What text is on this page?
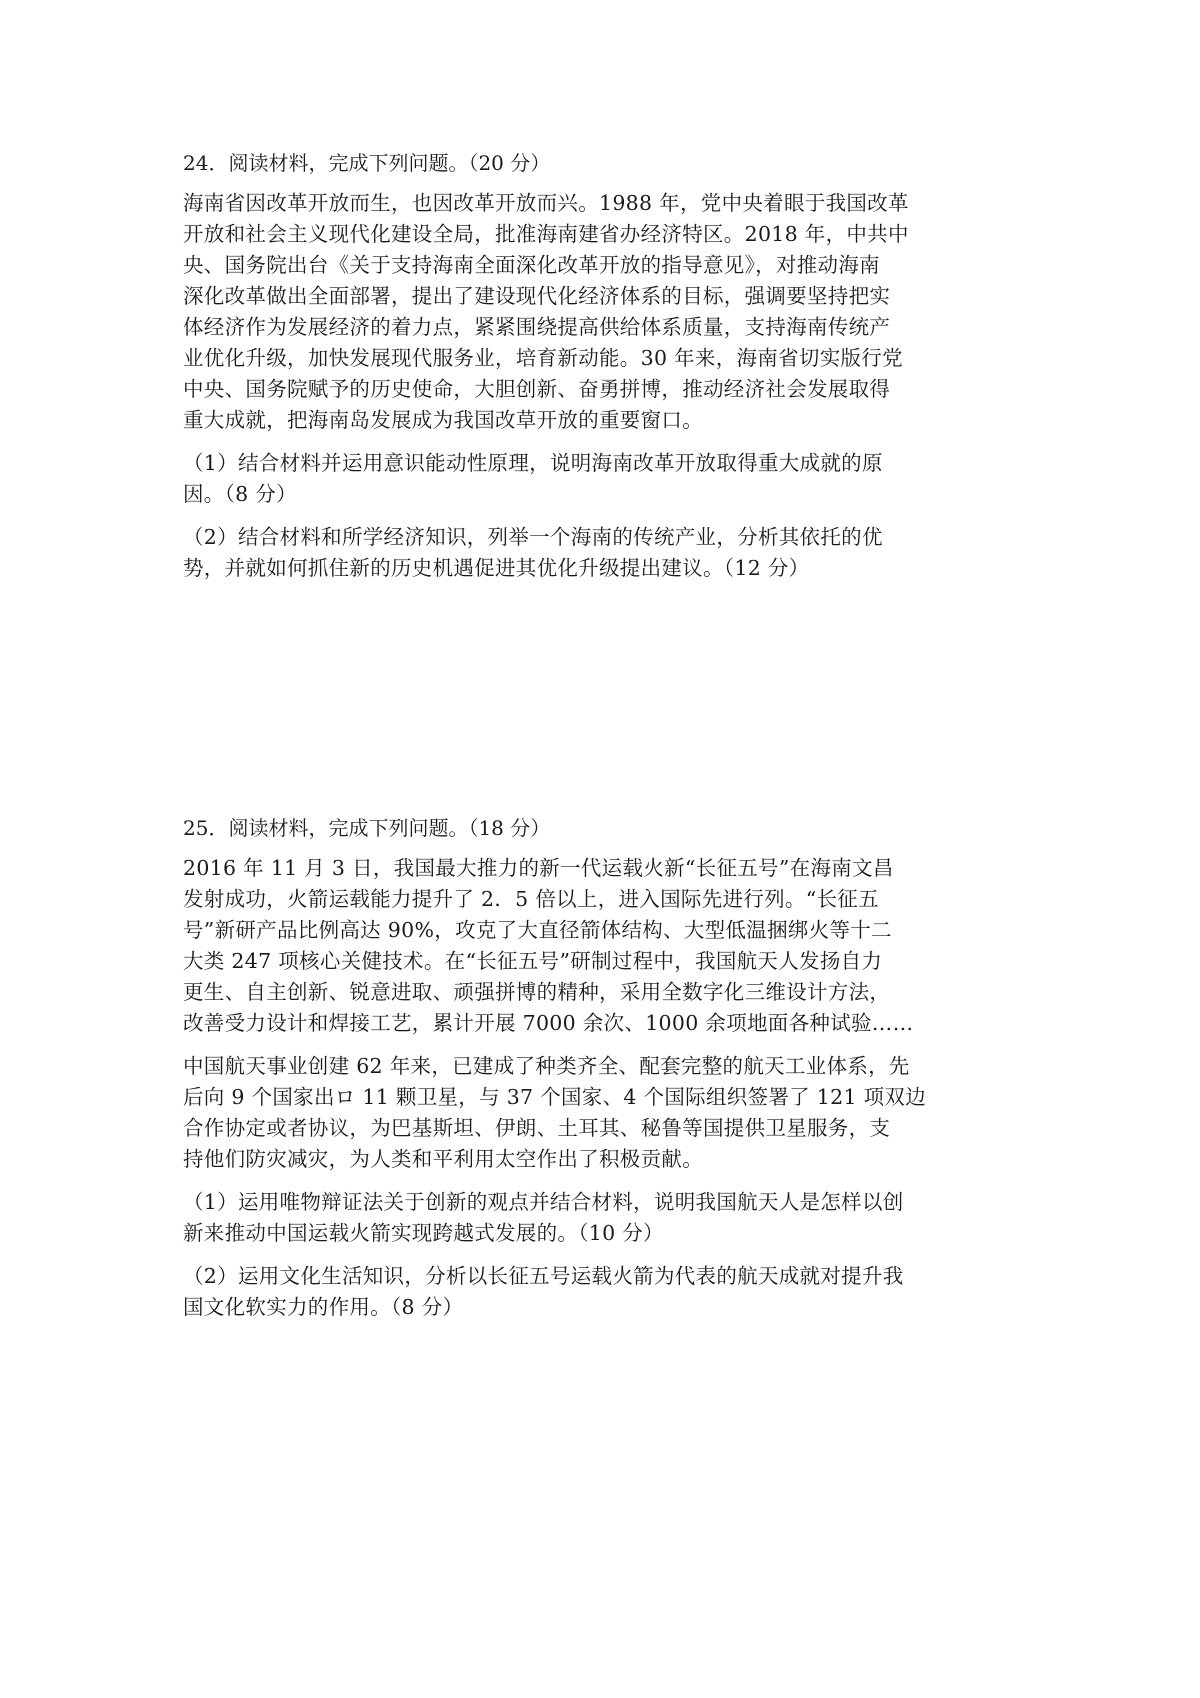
24．阅读材料，完成下列问题。（20 分）
海南省因改革开放而生，也因改革开放而兴。1988 年，党中央着眼于我国改革
开放和社会主义现代化建设全局，批准海南建省办经济特区。2018 年，中共中
央、国务院出台《关于支持海南全面深化改革开放的指导意见》，对推动海南
深化改革做出全面部署，提出了建设现代化经济体系的目标，强调要坚持把实
体经济作为发展经济的着力点，紧紧围绕提高供给体系质量，支持海南传统产
业优化升级，加快发展现代服务业，培育新动能。30 年来，海南省切实版行党
中央、国务院赋予的历史使命，大胆创新、奋勇拼博，推动经济社会发展取得
重大成就，把海南岛发展成为我国改草开放的重要窗口。
（1）结合材料并运用意识能动性原理，说明海南改革开放取得重大成就的原
因。（8 分）
（2）结合材料和所学经济知识，列举一个海南的传统产业，分析其依托的优
势，并就如何抓住新的历史机遇促进其优化升级提出建议。（12 分）
25．阅读材料，完成下列问题。（18 分）
2016 年 11 月 3 日，我国最大推力的新一代运载火新“长征五号”在海南文昌
发射成功，火箭运载能力提升了 2．5 倍以上，进入国际先进行列。“长征五
号”新研产品比例高达 90%，攻克了大直径箭体结构、大型低温捆绑火等十二
大类 247 项核心关健技术。在“长征五号”研制过程中，我国航天人发扬自力
更生、自主创新、锐意进取、顽强拼博的精种，采用全数字化三维设计方法，
改善受力设计和焊接工艺，累计开展 7000 余次、1000 余项地面各种试验……
中国航天事业创建 62 年来，已建成了种类齐全、配套完整的航天工业体系，先
后向 9 个国家出ロ 11 颗卫星，与 37 个国家、4 个国际组织签署了 121 项双边
合作协定或者协议，为巴基斯坦、伊朗、土耳其、秘鲁等国提供卫星服务，支
持他们防灾减灾，为人类和平利用太空作出了积极贡献。
（1）运用唯物辩证法关于创新的观点并结合材料，说明我国航天人是怎样以创
新来推动中国运载火箭实现跨越式发展的。（10 分）
（2）运用文化生活知识，分析以长征五号运载火箭为代表的航天成就对提升我
国文化软实力的作用。（8 分）
